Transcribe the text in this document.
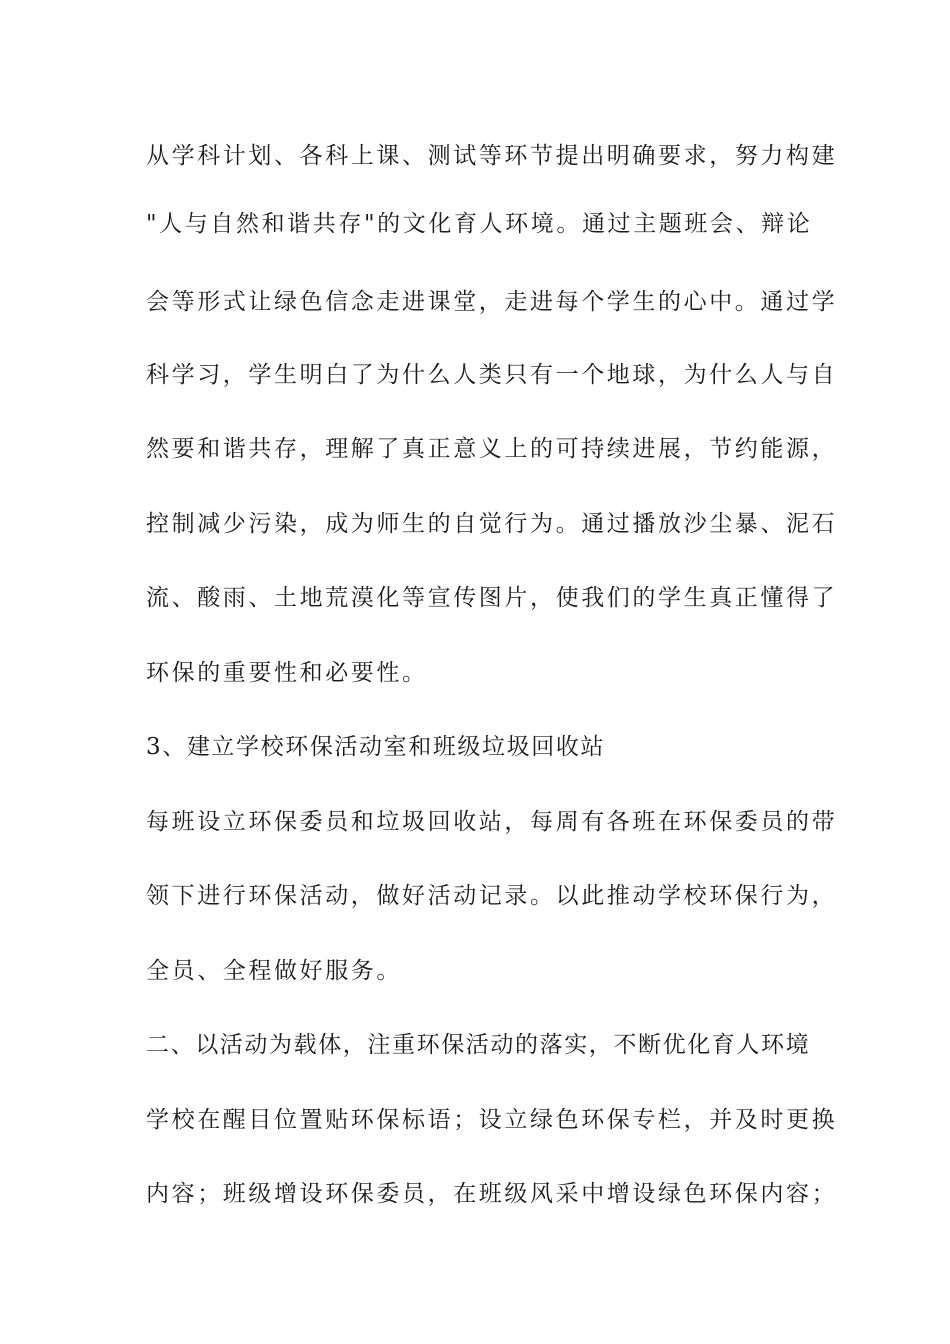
从学科计划、各科上课、测试等环节提出明确要求，努力构建
"人与自然和谐共存"的文化育人环境。通过主题班会、辩论
会等形式让绿色信念走进课堂，走进每个学生的心中。通过学
科学习，学生明白了为什么人类只有一个地球，为什么人与自
然要和谐共存，理解了真正意义上的可持续进展，节约能源，
控制减少污染，成为师生的自觉行为。通过播放沙尘暴、泥石
流、酸雨、土地荒漠化等宣传图片，使我们的学生真正懂得了
环保的重要性和必要性。
3、建立学校环保活动室和班级垃圾回收站
每班设立环保委员和垃圾回收站，每周有各班在环保委员的带
领下进行环保活动，做好活动记录。以此推动学校环保行为，
全员、全程做好服务。
二、以活动为载体，注重环保活动的落实，不断优化育人环境
学校在醒目位置贴环保标语；设立绿色环保专栏，并及时更换
内容；班级增设环保委员，在班级风采中增设绿色环保内容；
